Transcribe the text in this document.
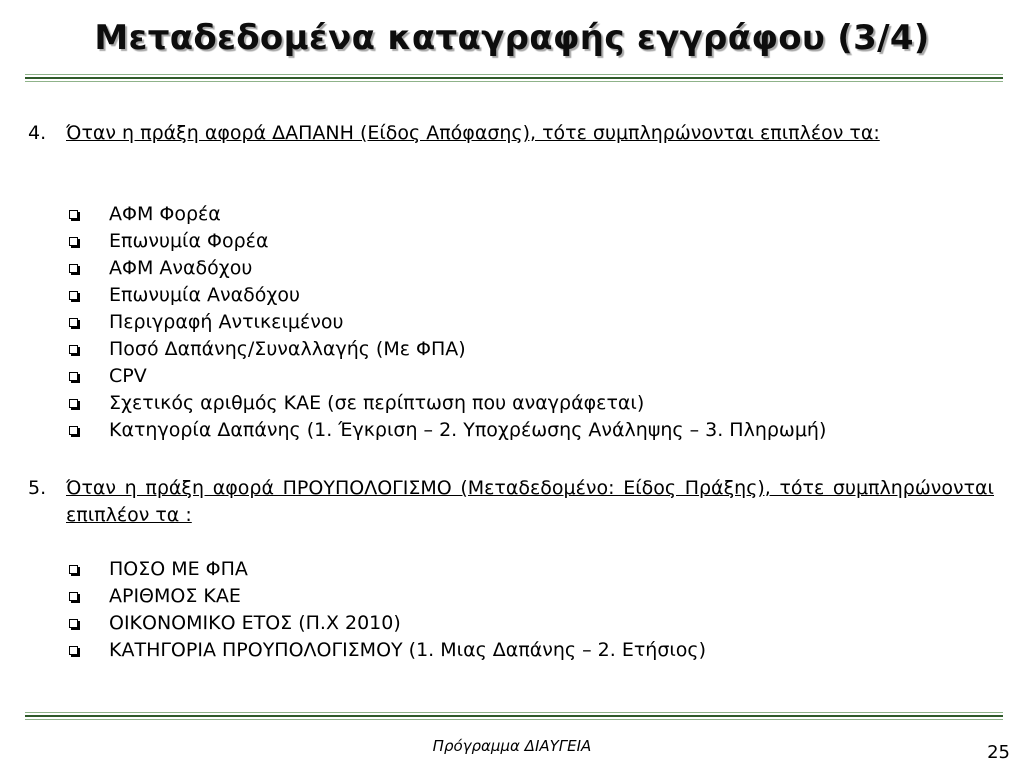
Μεταδεδομένα καταγραφής εγγράφου (3/4)
4. Όταν η πράξη αφορά ΔΑΠΑΝΗ (Είδος Απόφασης), τότε συμπληρώνονται επιπλέον τα:
ΑΦΜ Φορέα
Επωνυμία Φορέα
ΑΦΜ Αναδόχου
Επωνυμία Αναδόχου
Περιγραφή Αντικειμένου
Ποσό Δαπάνης/Συναλλαγής (Με ΦΠΑ)
CPV
Σχετικός αριθμός ΚΑΕ (σε περίπτωση που αναγράφεται)
Κατηγορία Δαπάνης (1. Έγκριση – 2. Υποχρέωσης Ανάληψης – 3. Πληρωμή)
5. Όταν η πράξη αφορά ΠΡΟΥΠΟΛΟΓΙΣΜΟ (Μεταδεδομένο: Είδος Πράξης), τότε συμπληρώνονται επιπλέον τα :
ΠΟΣΟ ΜΕ ΦΠΑ
ΑΡΙΘΜΟΣ ΚΑΕ
ΟΙΚΟΝΟΜΙΚΟ ΕΤΟΣ (Π.Χ 2010)
ΚΑΤΗΓΟΡΙΑ ΠΡΟΥΠΟΛΟΓΙΣΜΟΥ (1. Μιας Δαπάνης – 2. Ετήσιος)
Πρόγραμμα ΔΙΑΥΓΕΙΑ	25
